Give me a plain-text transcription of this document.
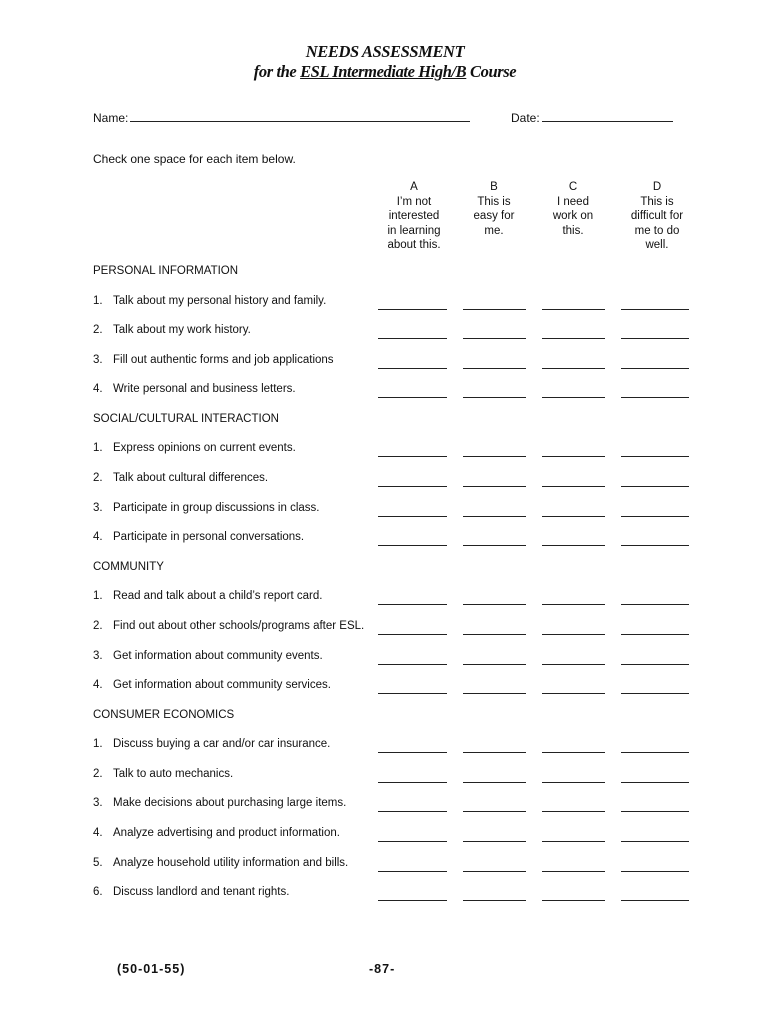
NEEDS ASSESSMENT
for the ESL Intermediate High/B Course
Name:	Date:
Check one space for each item below.
A
I’m not
interested
in learning
about this.
B
This is
easy for
me.
C
I need
work on
this.
D
This is
difficult for
me to do
well.
PERSONAL INFORMATION
1. Talk about my personal history and family.
2. Talk about my work history.
3. Fill out authentic forms and job applications
4. Write personal and business letters.
SOCIAL/CULTURAL INTERACTION
1. Express opinions on current events.
2. Talk about cultural differences.
3. Participate in group discussions in class.
4. Participate in personal conversations.
COMMUNITY
1. Read and talk about a child’s report card.
2. Find out about other schools/programs after ESL.
3. Get information about community events.
4. Get information about community services.
CONSUMER ECONOMICS
1. Discuss buying a car and/or car insurance.
2. Talk to auto mechanics.
3. Make decisions about purchasing large items.
4. Analyze advertising and product information.
5. Analyze household utility information and bills.
6. Discuss landlord and tenant rights.
(50-01-55)	-87-
